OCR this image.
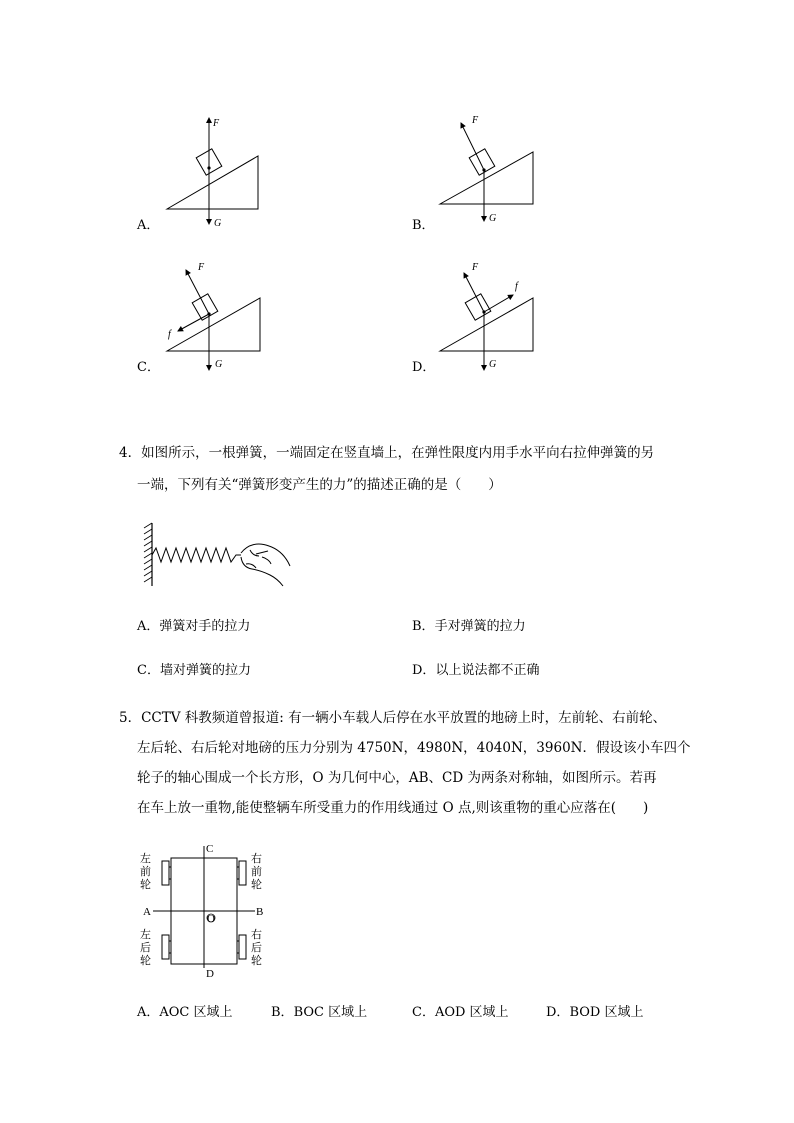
F
G
A．
F
G
B．
F
f
G
C．
F
f
G
D．
4．如图所示，一根弹簧，一端固定在竖直墙上，在弹性限度内用手水平向右拉伸弹簧的另
一端，下列有关“弹簧形变产生的力”的描述正确的是（　　）
A．弹簧对手的拉力	B．手对弹簧的拉力
C．墙对弹簧的拉力	D．以上说法都不正确
5．CCTV 科教频道曾报道: 有一辆小车载人后停在水平放置的地磅上时，左前轮、右前轮、
左后轮、右后轮对地磅的压力分别为 4750N，4980N，4040N，3960N．假设该小车四个
轮子的轴心围成一个长方形，O 为几何中心，AB、CD 为两条对称轴，如图所示。若再
在车上放一重物,能使整辆车所受重力的作用线通过 O 点,则该重物的重心应落在(　　)
C
D
A	B
O
左
前
轮
右
前
轮
左
后
轮
右
后
轮
A．AOC 区域上	B．BOC 区域上	C．AOD 区域上	D．BOD 区域上
